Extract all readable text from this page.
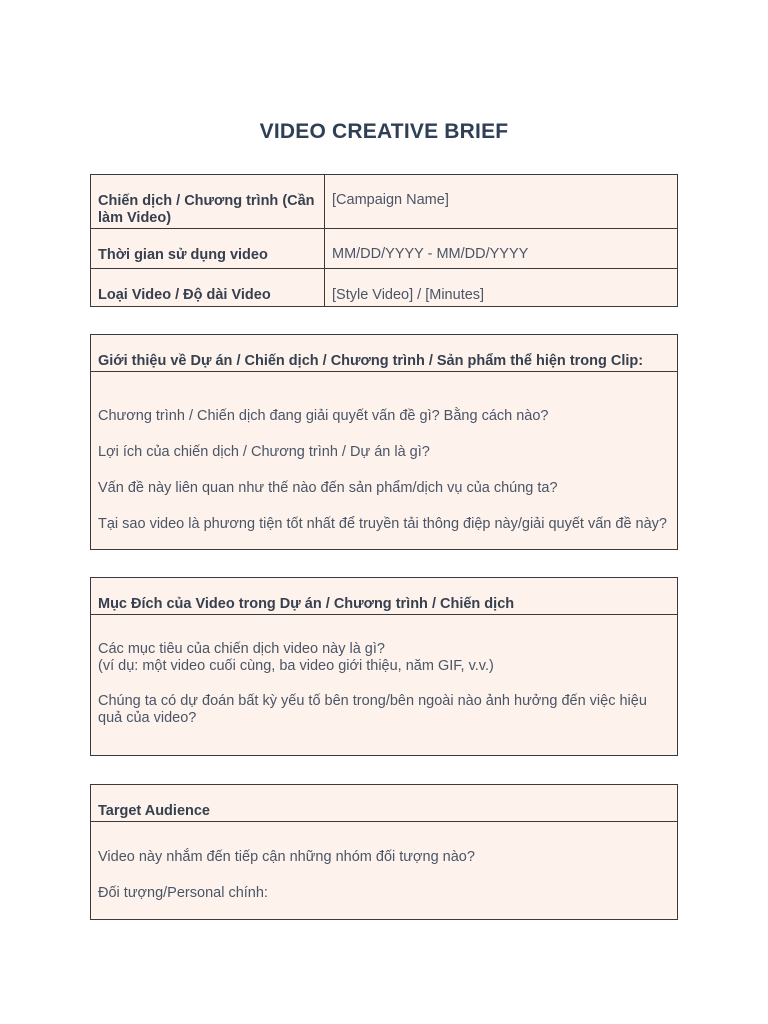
VIDEO CREATIVE BRIEF
Chiến dịch / Chương trình (Cần làm Video)	[Campaign Name]
Thời gian sử dụng video	MM/DD/YYYY - MM/DD/YYYY
Loại Video / Độ dài Video	[Style Video] / [Minutes]
Giới thiệu về Dự án / Chiến dịch / Chương trình / Sản phẩm thể hiện trong Clip:

Chương trình / Chiến dịch đang giải quyết vấn đề gì? Bằng cách nào?

Lợi ích của chiến dịch / Chương trình / Dự án là gì?

Vấn đề này liên quan như thế nào đến sản phẩm/dịch vụ của chúng ta?

Tại sao video là phương tiện tốt nhất để truyền tải thông điệp này/giải quyết vấn đề này?

Mục Đích của Video trong Dự án / Chương trình / Chiến dịch

Các mục tiêu của chiến dịch video này là gì?

(ví dụ: một video cuối cùng, ba video giới thiệu, năm GIF, v.v.)

Chúng ta có dự đoán bất kỳ yếu tố bên trong/bên ngoài nào ảnh hưởng đến việc hiệu quả của video?

Target Audience

Video này nhắm đến tiếp cận những nhóm đối tượng nào?

Đối tượng/Personal chính:
